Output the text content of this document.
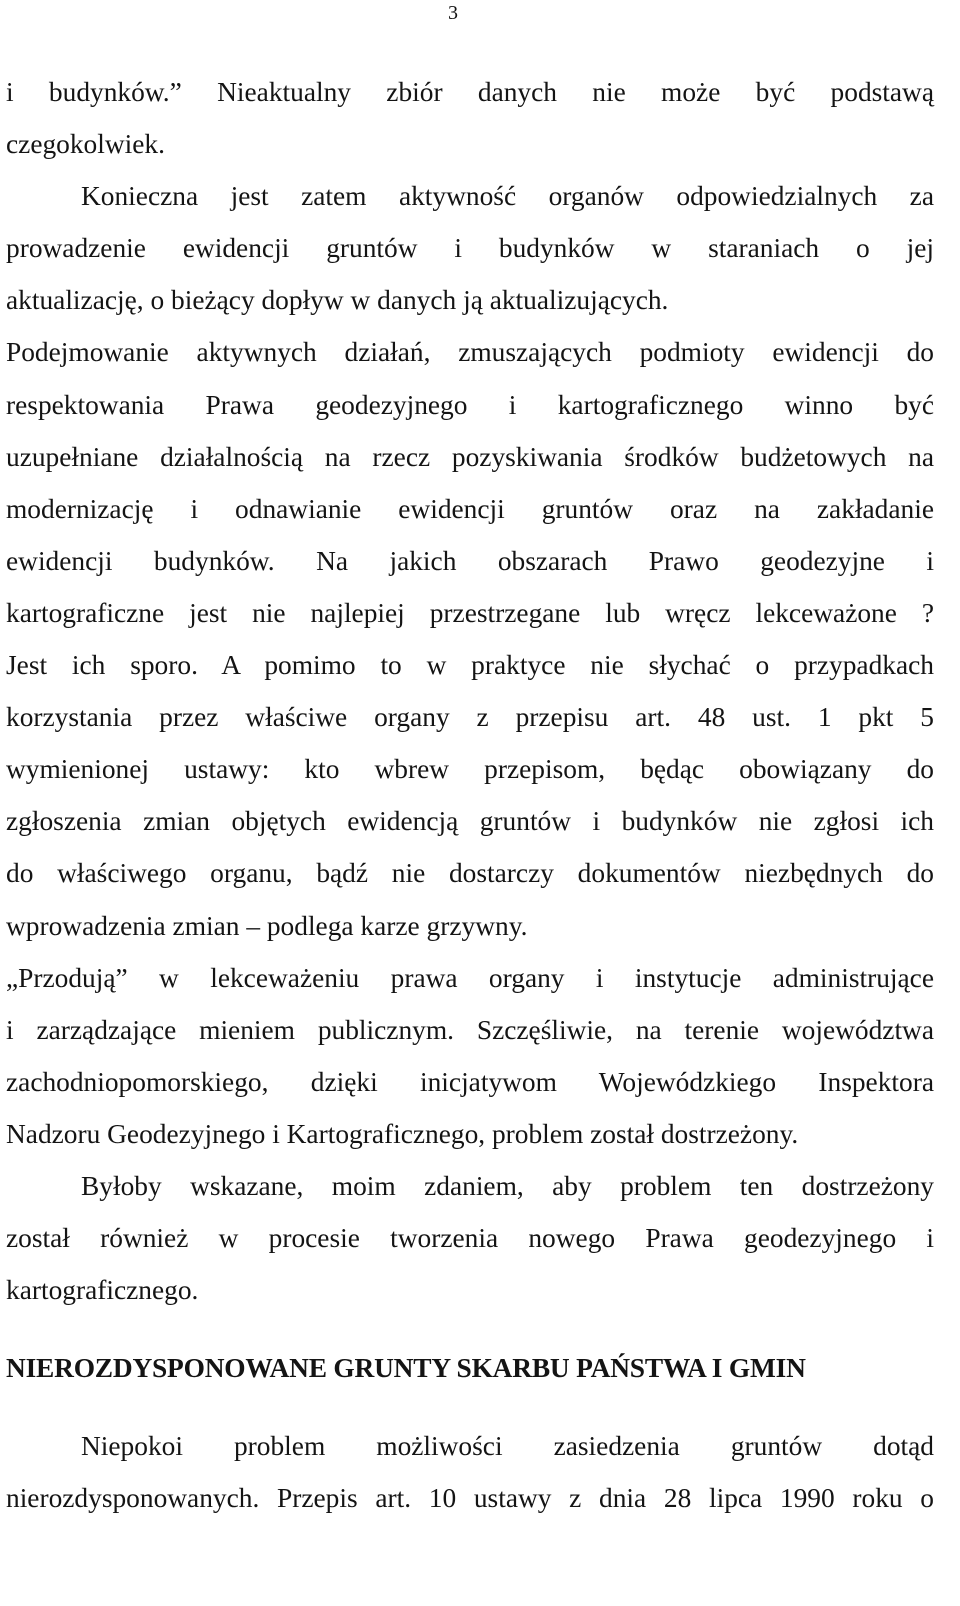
3
i budynków.” Nieaktualny zbiór danych nie może być podstawą
czegokolwiek.
Konieczna jest zatem aktywność organów odpowiedzialnych za
prowadzenie ewidencji gruntów i budynków w staraniach o jej
aktualizację, o bieżący dopływ w danych ją aktualizujących.
Podejmowanie aktywnych działań, zmuszających podmioty ewidencji do
respektowania Prawa geodezyjnego i kartograficznego winno być
uzupełniane działalnością na rzecz pozyskiwania środków budżetowych na
modernizację i odnawianie ewidencji gruntów oraz na zakładanie
ewidencji budynków. Na jakich obszarach Prawo geodezyjne i
kartograficzne jest nie najlepiej przestrzegane lub wręcz lekceważone ?
Jest ich sporo. A pomimo to w praktyce nie słychać o przypadkach
korzystania przez właściwe organy z przepisu art. 48 ust. 1 pkt 5
wymienionej ustawy: kto wbrew przepisom, będąc obowiązany do
zgłoszenia zmian objętych ewidencją gruntów i budynków nie zgłosi ich
do właściwego organu, bądź nie dostarczy dokumentów niezbędnych do
wprowadzenia zmian – podlega karze grzywny.
„Przodują” w lekceważeniu prawa organy i instytucje administrujące
i zarządzające mieniem publicznym. Szczęśliwie, na terenie województwa
zachodniopomorskiego, dzięki inicjatywom Wojewódzkiego Inspektora
Nadzoru Geodezyjnego i Kartograficznego, problem został dostrzeżony.
Byłoby wskazane, moim zdaniem, aby problem ten dostrzeżony
został również w procesie tworzenia nowego Prawa geodezyjnego i
kartograficznego.
NIEROZDYSPONOWANE GRUNTY SKARBU PAŃSTWA I GMIN
Niepokoi problem możliwości zasiedzenia gruntów dotąd
nierozdysponowanych. Przepis art. 10 ustawy z dnia 28 lipca 1990 roku o
